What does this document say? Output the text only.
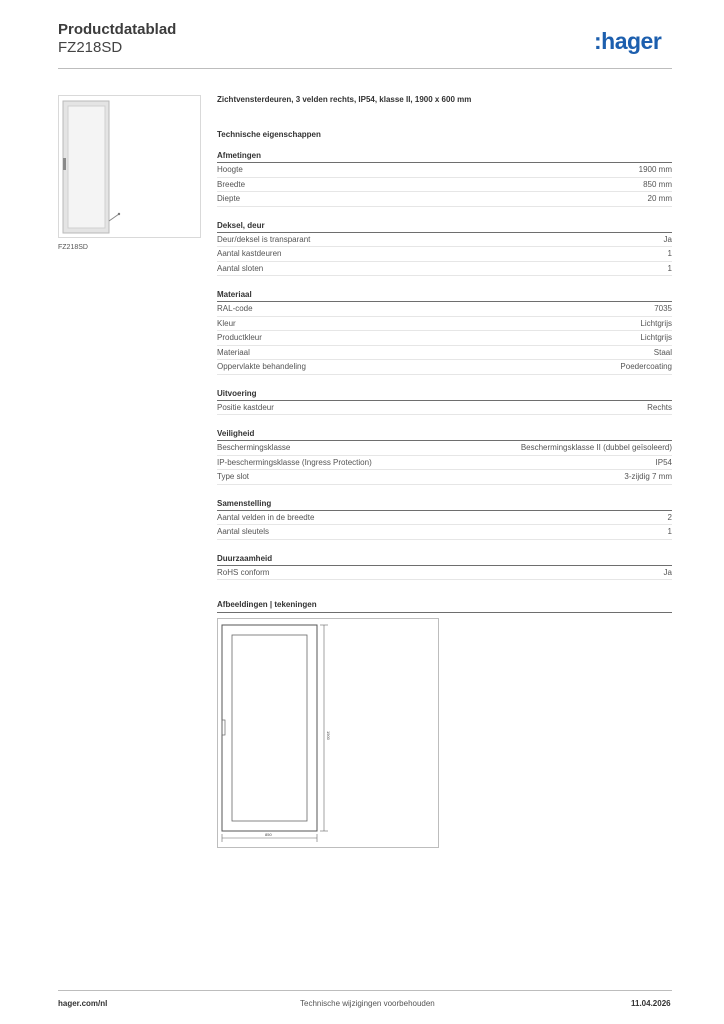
Productdatablad
FZ218SD	:hager
FZ218SD
Zichtvensterdeuren, 3 velden rechts, IP54, klasse II, 1900 x 600 mm
Technische eigenschappen
Afmetingen
Hoogte	1900 mm
Breedte	850 mm
Diepte	20 mm
Deksel, deur
Deur/deksel is transparant	Ja
Aantal kastdeuren	1
Aantal sloten	1
Materiaal
RAL-code	7035
Kleur	Lichtgrijs
Productkleur	Lichtgrijs
Materiaal	Staal
Oppervlakte behandeling	Poedercoating
Uitvoering
Positie kastdeur	Rechts
Veiligheid
Beschermingsklasse	Beschermingsklasse II (dubbel geïsoleerd)
IP-beschermingsklasse (Ingress Protection)	IP54
Type slot	3-zijdig 7 mm
Samenstelling
Aantal velden in de breedte	2
Aantal sleutels	1
Duurzaamheid
RoHS conform	Ja
Afbeeldingen | tekeningen
1900
850
hager.com/nl	Technische wijzigingen voorbehouden	11.04.2026
